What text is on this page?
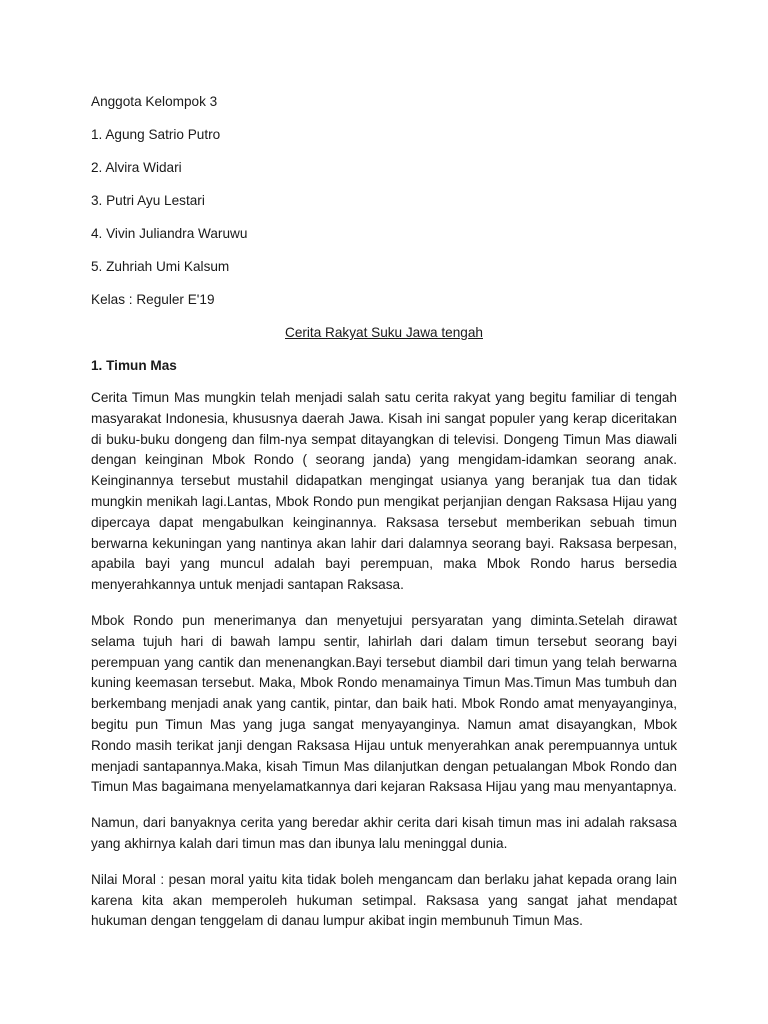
Anggota Kelompok 3

1. Agung Satrio Putro

2. Alvira Widari

3. Putri Ayu Lestari

4. Vivin Juliandra Waruwu

5. Zuhriah Umi Kalsum

Kelas : Reguler E'19

Cerita Rakyat Suku Jawa tengah

1. Timun Mas

Cerita Timun Mas mungkin telah menjadi salah satu cerita rakyat yang begitu familiar di tengah masyarakat Indonesia, khususnya daerah Jawa. Kisah ini sangat populer yang kerap diceritakan di buku-buku dongeng dan film-nya sempat ditayangkan di televisi. Dongeng Timun Mas diawali dengan keinginan Mbok Rondo ( seorang janda) yang mengidam-idamkan seorang anak. Keinginannya tersebut mustahil didapatkan mengingat usianya yang beranjak tua dan tidak mungkin menikah lagi.Lantas, Mbok Rondo pun mengikat perjanjian dengan Raksasa Hijau yang dipercaya dapat mengabulkan keinginannya. Raksasa tersebut memberikan sebuah timun berwarna kekuningan yang nantinya akan lahir dari dalamnya seorang bayi. Raksasa berpesan, apabila bayi yang muncul adalah bayi perempuan, maka Mbok Rondo harus bersedia menyerahkannya untuk menjadi santapan Raksasa.

Mbok Rondo pun menerimanya dan menyetujui persyaratan yang diminta.Setelah dirawat selama tujuh hari di bawah lampu sentir, lahirlah dari dalam timun tersebut seorang bayi perempuan yang cantik dan menenangkan.Bayi tersebut diambil dari timun yang telah berwarna kuning keemasan tersebut. Maka, Mbok Rondo menamainya Timun Mas.Timun Mas tumbuh dan berkembang menjadi anak yang cantik, pintar, dan baik hati. Mbok Rondo amat menyayanginya, begitu pun Timun Mas yang juga sangat menyayanginya. Namun amat disayangkan, Mbok Rondo masih terikat janji dengan Raksasa Hijau untuk menyerahkan anak perempuannya untuk menjadi santapannya.Maka, kisah Timun Mas dilanjutkan dengan petualangan Mbok Rondo dan Timun Mas bagaimana menyelamatkannya dari kejaran Raksasa Hijau yang mau menyantapnya.

Namun, dari banyaknya cerita yang beredar akhir cerita dari kisah timun mas ini adalah raksasa yang akhirnya kalah dari timun mas dan ibunya lalu meninggal dunia.

Nilai Moral : pesan moral yaitu kita tidak boleh mengancam dan berlaku jahat kepada orang lain karena kita akan memperoleh hukuman setimpal. Raksasa yang sangat jahat mendapat hukuman dengan tenggelam di danau lumpur akibat ingin membunuh Timun Mas.
